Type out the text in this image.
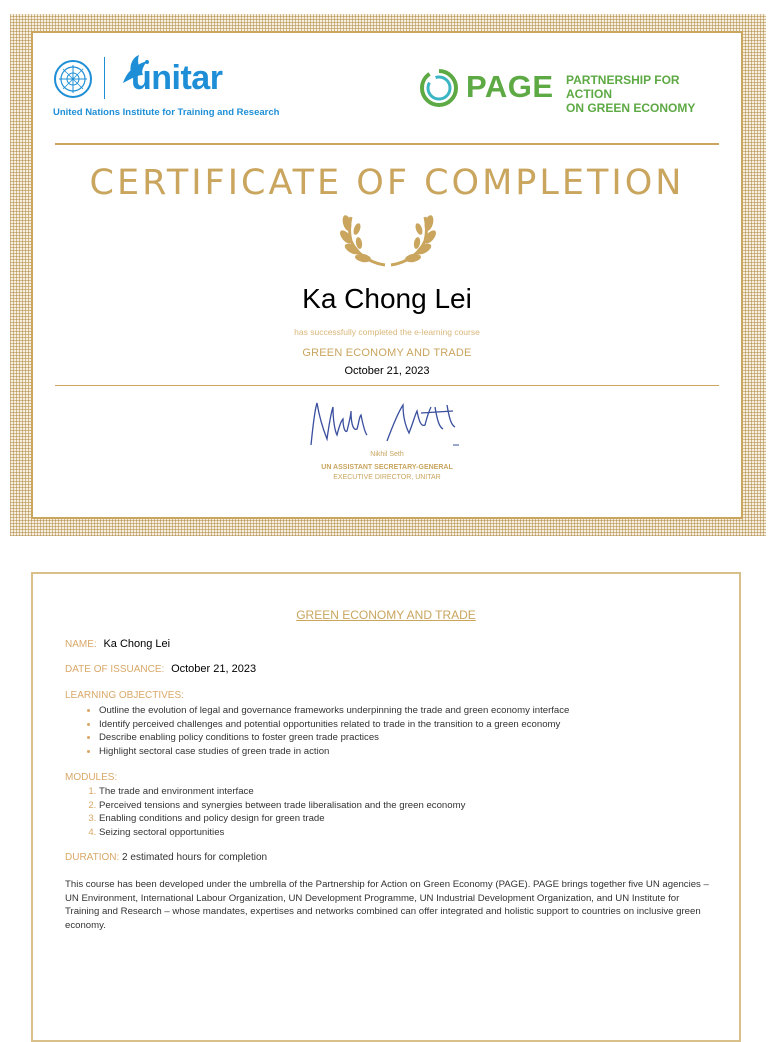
unitar
United Nations Institute for Training and Research
PAGE PARTNERSHIP FOR ACTION
ON GREEN ECONOMY
CERTIFICATE OF COMPLETION
Ka Chong Lei
has successfully completed the e-learning course
GREEN ECONOMY AND TRADE
October 21, 2023
Nikhil Seth
UN ASSISTANT SECRETARY-GENERAL
EXECUTIVE DIRECTOR, UNITAR
GREEN ECONOMY AND TRADE
NAME: Ka Chong Lei
DATE OF ISSUANCE: October 21, 2023
LEARNING OBJECTIVES:
• Outline the evolution of legal and governance frameworks underpinning the trade and green economy interface
• Identify perceived challenges and potential opportunities related to trade in the transition to a green economy
• Describe enabling policy conditions to foster green trade practices
• Highlight sectoral case studies of green trade in action
MODULES:
1. The trade and environment interface
2. Perceived tensions and synergies between trade liberalisation and the green economy
3. Enabling conditions and policy design for green trade
4. Seizing sectoral opportunities
DURATION: 2 estimated hours for completion
This course has been developed under the umbrella of the Partnership for Action on Green Economy (PAGE). PAGE brings together five UN agencies – UN Environment, International Labour Organization, UN Development Programme, UN Industrial Development Organization, and UN Institute for Training and Research – whose mandates, expertises and networks combined can offer integrated and holistic support to countries on inclusive green economy.
